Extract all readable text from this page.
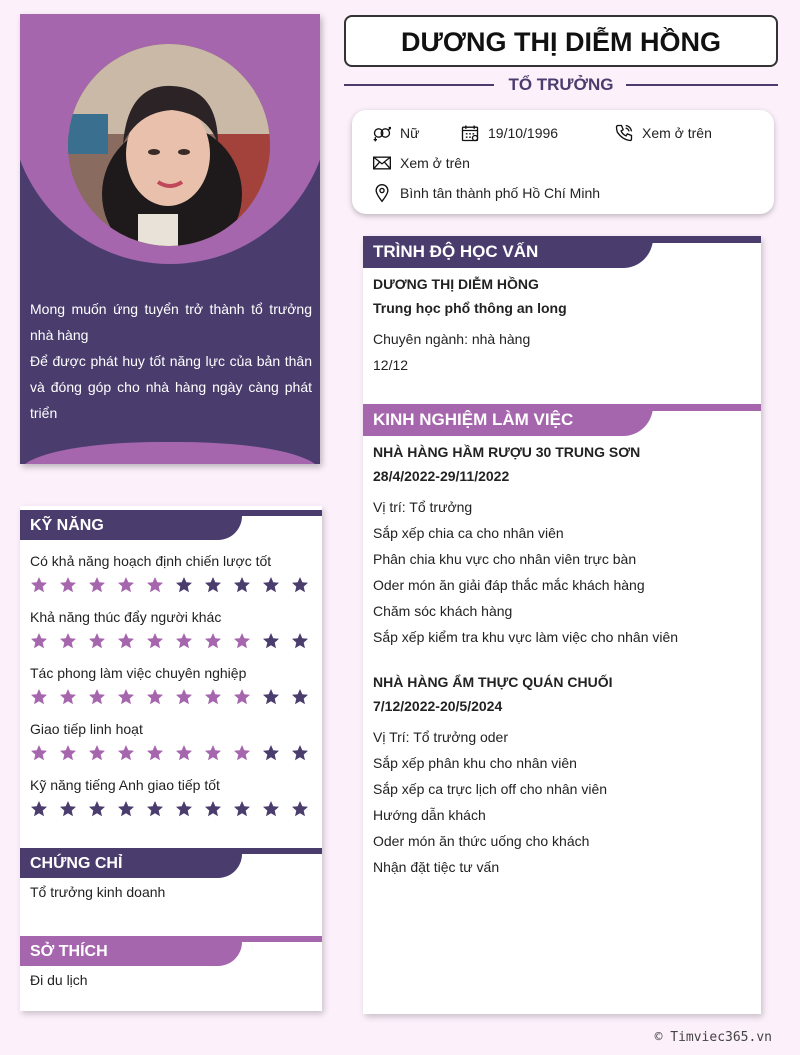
Mong muốn ứng tuyển trở thành tổ trưởng nhà hàng
Để được phát huy tốt năng lực của bản thân và đóng góp cho nhà hàng ngày càng phát triển
KỸ NĂNG
Có khả năng hoạch định chiến lược tốt
Khả năng thúc đẩy người khác
Tác phong làm việc chuyên nghiệp
Giao tiếp linh hoạt
Kỹ năng tiếng Anh giao tiếp tốt
CHỨNG CHỈ
Tổ trưởng kinh doanh
SỞ THÍCH
Đi du lịch
DƯƠNG THỊ DIỄM HỒNG
TỔ TRƯỞNG
Nữ	19/10/1996	Xem ở trên
Xem ở trên
Bình tân thành phố Hồ Chí Minh
TRÌNH ĐỘ HỌC VẤN
DƯƠNG THỊ DIỄM HỒNG
Trung học phổ thông an long
Chuyên ngành: nhà hàng
12/12
KINH NGHIỆM LÀM VIỆC
NHÀ HÀNG HẦM RƯỢU 30 TRUNG SƠN
28/4/2022-29/11/2022
Vị trí: Tổ trưởng
Sắp xếp chia ca cho nhân viên
Phân chia khu vực cho nhân viên trực bàn
Oder món ăn giải đáp thắc mắc khách hàng
Chăm sóc khách hàng
Sắp xếp kiểm tra khu vực làm việc cho nhân viên
NHÀ HÀNG ẨM THỰC QUÁN CHUỐI
7/12/2022-20/5/2024
Vị Trí: Tổ trưởng oder
Sắp xếp phân khu cho nhân viên
Sắp xếp ca trực lịch off cho nhân viên
Hướng dẫn khách
Oder món ăn thức uống cho khách
Nhận đặt tiệc tư vấn
© Timviec365.vn
